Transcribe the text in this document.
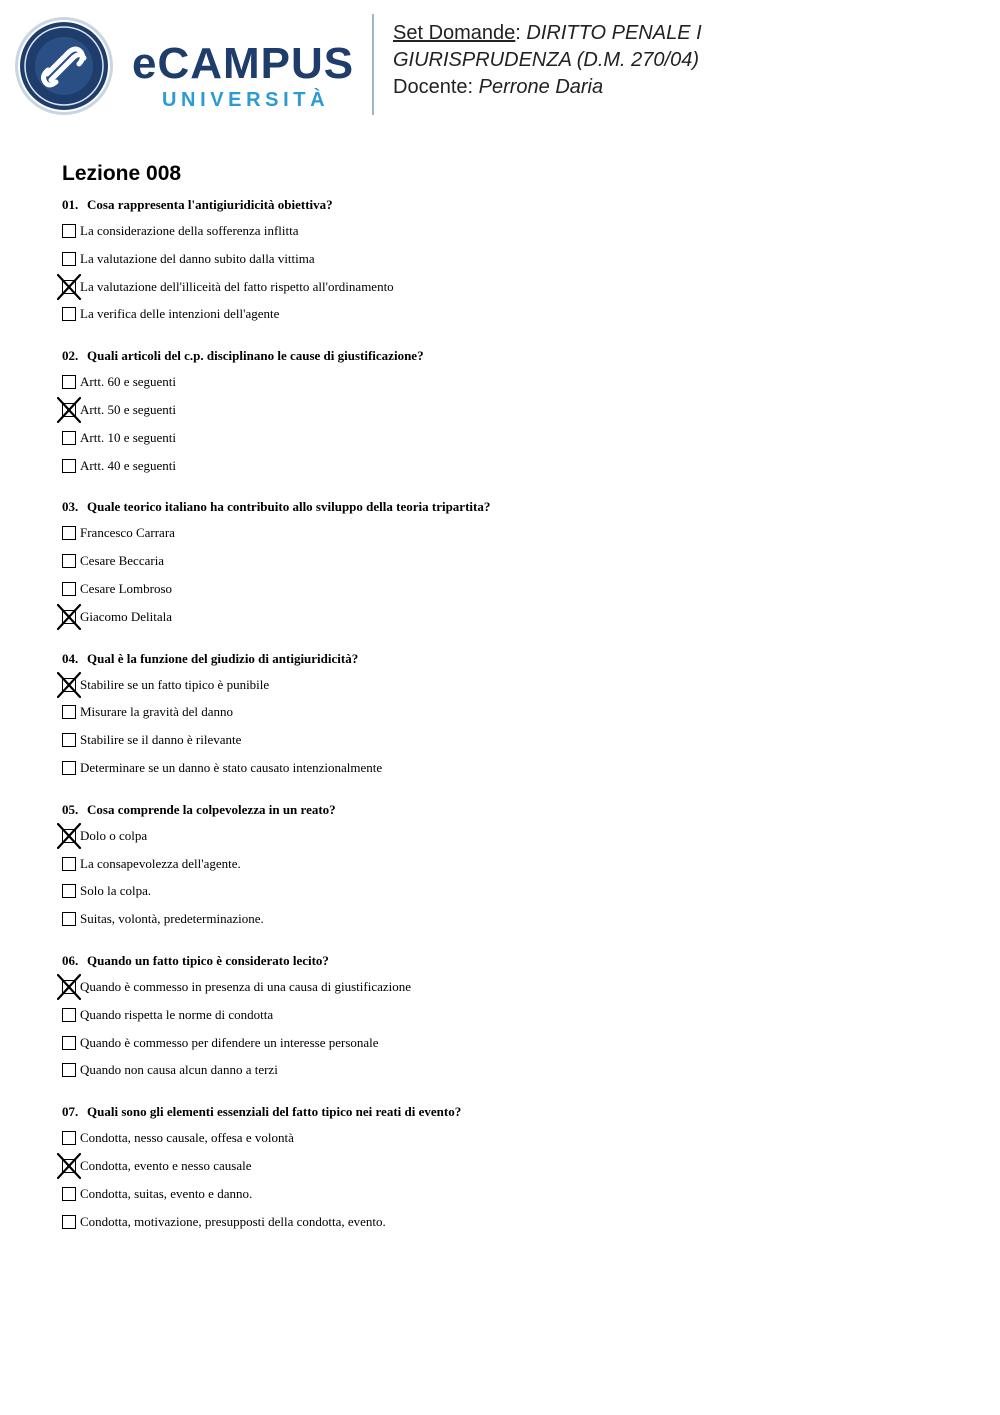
eCAMPUS
UNIVERSITÀ
Set Domande: DIRITTO PENALE I
GIURISPRUDENZA (D.M. 270/04)
Docente: Perrone Daria
Lezione 008
01. Cosa rappresenta l'antigiuridicità obiettiva?
La considerazione della sofferenza inflitta
La valutazione del danno subito dalla vittima
La valutazione dell'illiceità del fatto rispetto all'ordinamento
La verifica delle intenzioni dell'agente
02. Quali articoli del c.p. disciplinano le cause di giustificazione?
Artt. 60 e seguenti
Artt. 50 e seguenti
Artt. 10 e seguenti
Artt. 40 e seguenti
03. Quale teorico italiano ha contribuito allo sviluppo della teoria tripartita?
Francesco Carrara
Cesare Beccaria
Cesare Lombroso
Giacomo Delitala
04. Qual è la funzione del giudizio di antigiuridicità?
Stabilire se un fatto tipico è punibile
Misurare la gravità del danno
Stabilire se il danno è rilevante
Determinare se un danno è stato causato intenzionalmente
05. Cosa comprende la colpevolezza in un reato?
Dolo o colpa
La consapevolezza dell'agente.
Solo la colpa.
Suitas, volontà, predeterminazione.
06. Quando un fatto tipico è considerato lecito?
Quando è commesso in presenza di una causa di giustificazione
Quando rispetta le norme di condotta
Quando è commesso per difendere un interesse personale
Quando non causa alcun danno a terzi
07. Quali sono gli elementi essenziali del fatto tipico nei reati di evento?
Condotta, nesso causale, offesa e volontà
Condotta, evento e nesso causale
Condotta, suitas, evento e danno.
Condotta, motivazione, presupposti della condotta, evento.
